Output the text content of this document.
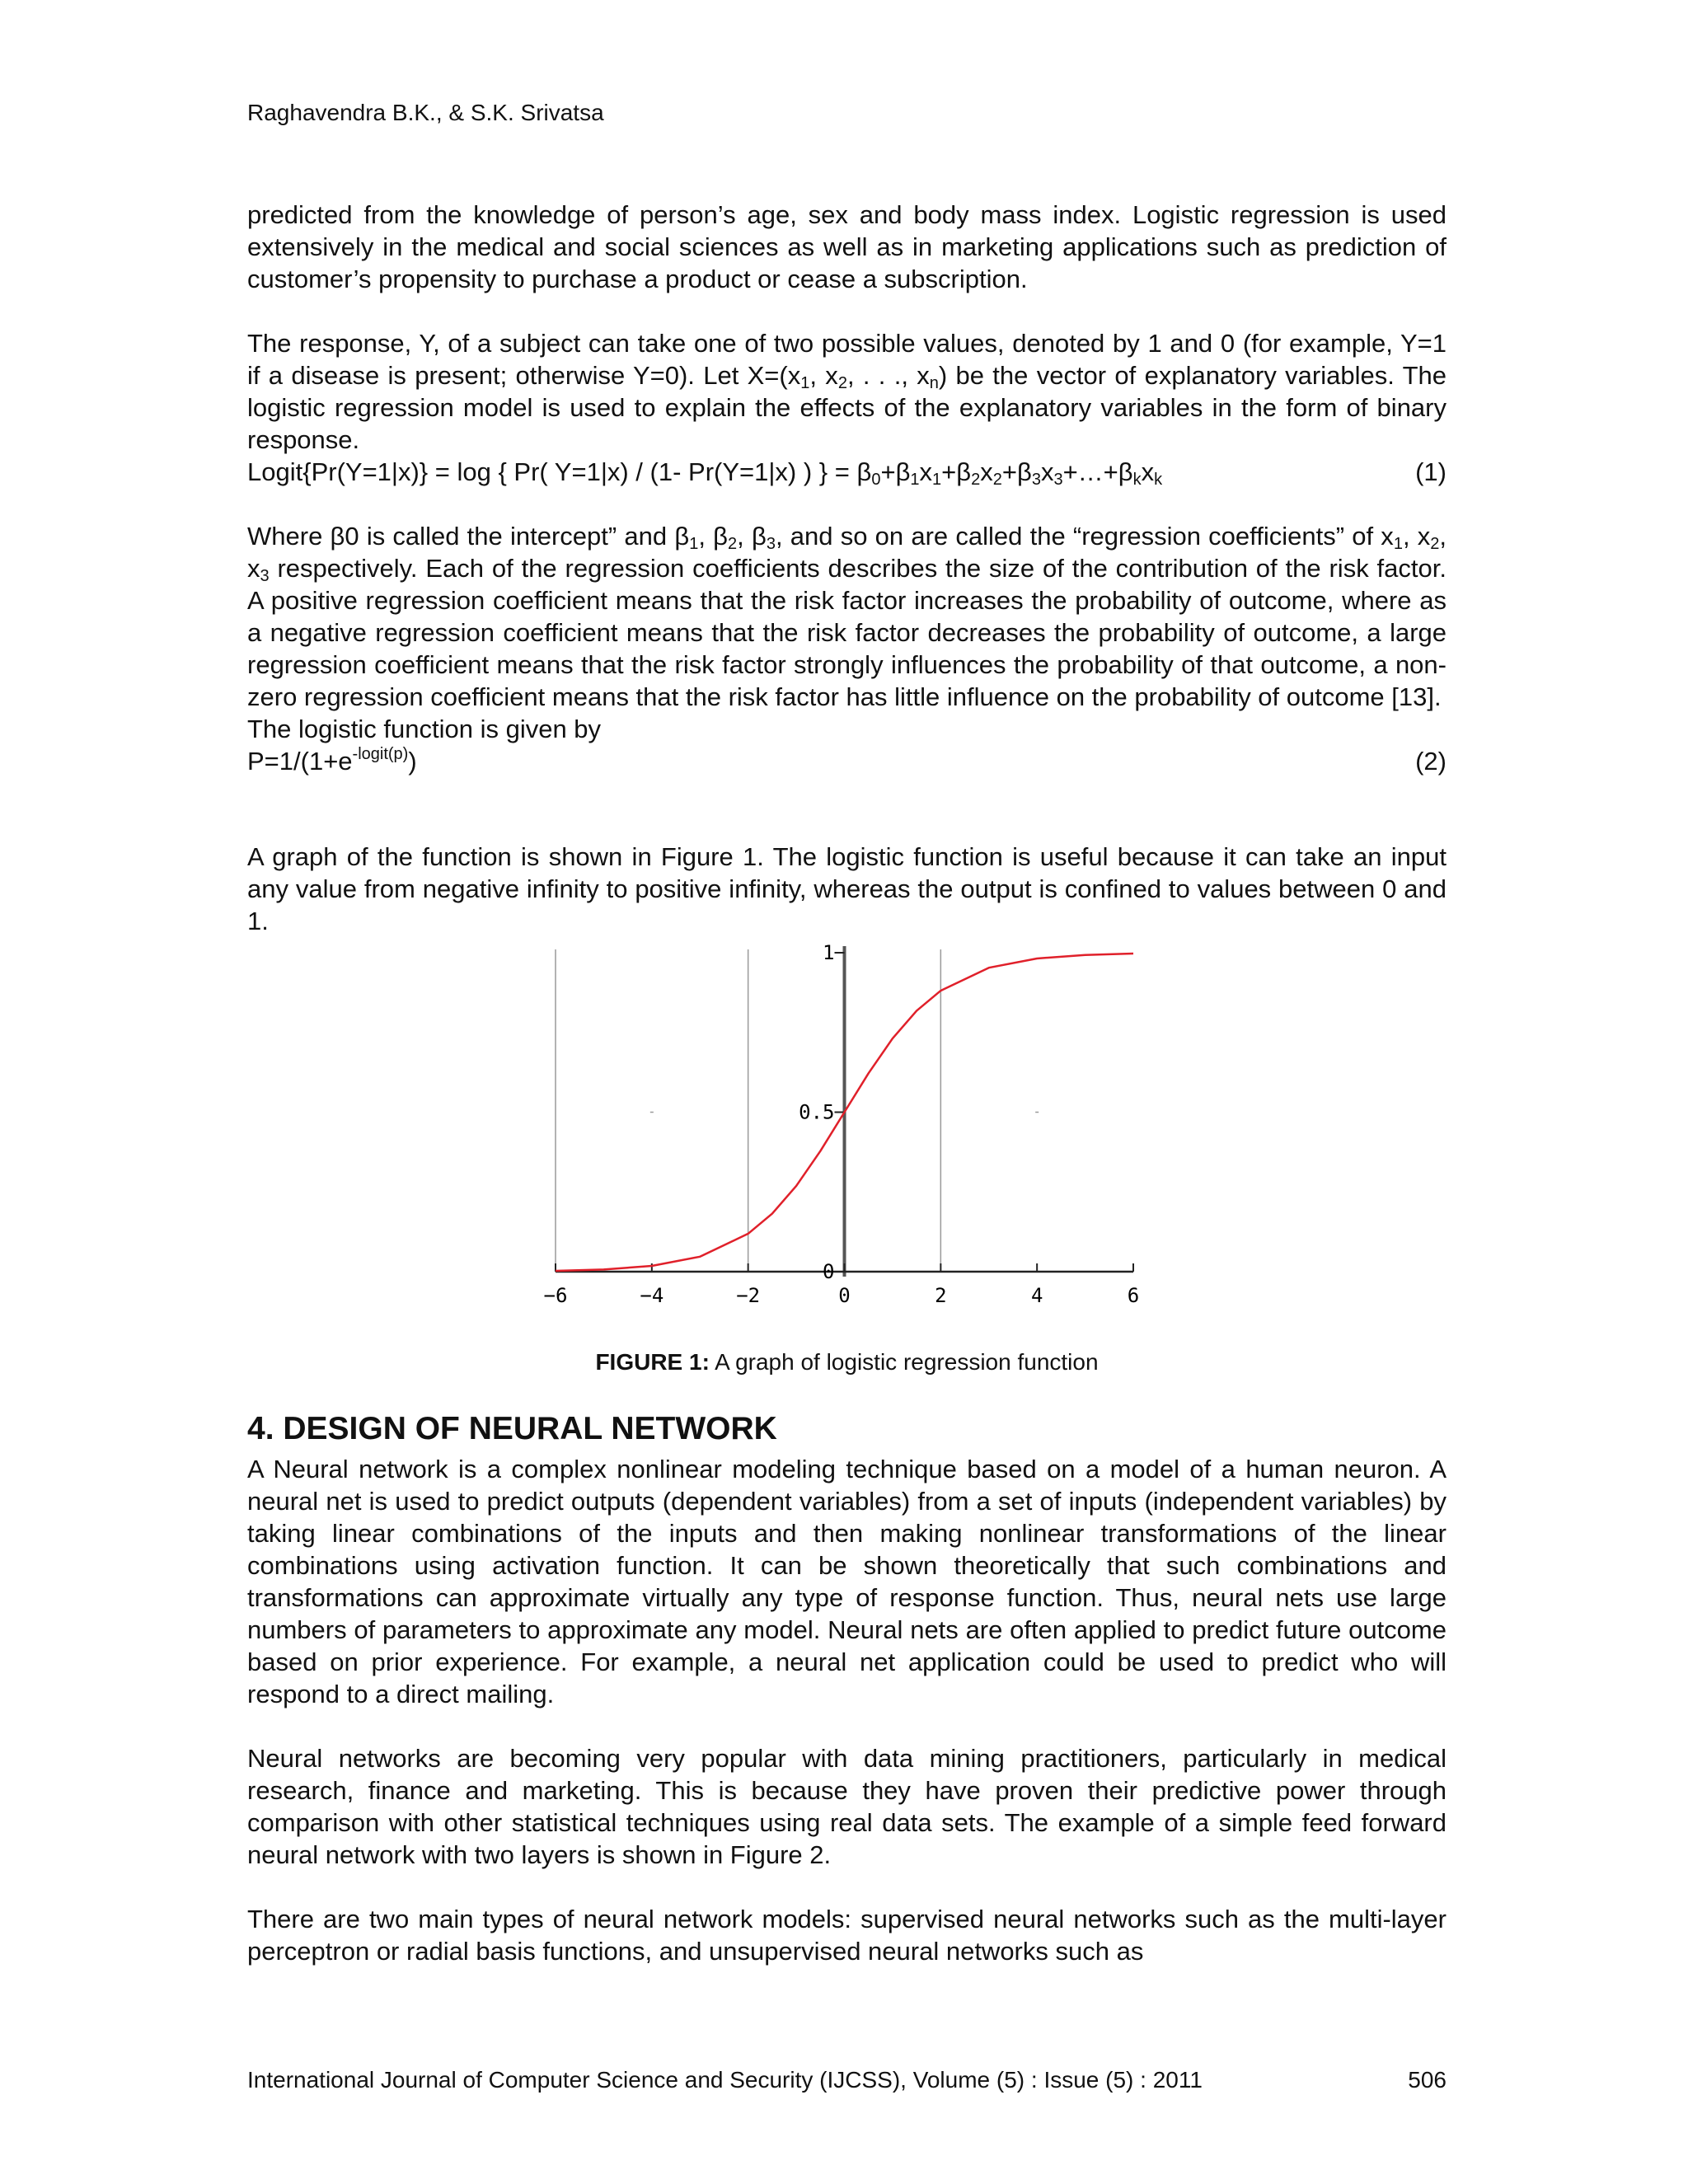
Raghavendra B.K., & S.K. Srivatsa

predicted from the knowledge of person’s age, sex and body mass index. Logistic regression is used extensively in the medical and social sciences as well as in marketing applications such as prediction of customer’s propensity to purchase a product or cease a subscription.

The response, Y, of a subject can take one of two possible values, denoted by 1 and 0 (for example, Y=1 if a disease is present; otherwise Y=0). Let $X=(x_1$, $x_2$, . . ., $x_n$) be the vector of explanatory variables. The logistic regression model is used to explain the effects of the explanatory variables in the form of binary response.

Logit{Pr(Y=1|x)} = log { Pr( Y=1|x) / (1- Pr(Y=1|x) ) } = $\beta_0+\beta_1x_1+\beta_2x_2+\beta_3x_3+\dots+\beta_kx_k$	(1)

Where β0 is called the intercept” and $\beta_1$, $\beta_2$, $\beta_3$, and so on are called the “regression coefficients” of $x_1$, $x_2$, $x_3$ respectively. Each of the regression coefficients describes the size of the contribution of the risk factor. A positive regression coefficient means that the risk factor increases the probability of outcome, where as a negative regression coefficient means that the risk factor decreases the probability of outcome, a large regression coefficient means that the risk factor strongly influences the probability of that outcome, a non-zero regression coefficient means that the risk factor has little influence on the probability of outcome [13].

The logistic function is given by

$P=1/(1+e^{-logit(p)})$	(2)

A graph of the function is shown in Figure 1. The logistic function is useful because it can take an input any value from negative infinity to positive infinity, whereas the output is confined to values between 0 and 1.

−6	−4	−2	0	2	4	6
0
0.5
1
FIGURE 1: A graph of logistic regression function
4. DESIGN OF NEURAL NETWORK

A Neural network is a complex nonlinear modeling technique based on a model of a human neuron. A neural net is used to predict outputs (dependent variables) from a set of inputs (independent variables) by taking linear combinations of the inputs and then making nonlinear transformations of the linear combinations using activation function. It can be shown theoretically that such combinations and transformations can approximate virtually any type of response function. Thus, neural nets use large numbers of parameters to approximate any model. Neural nets are often applied to predict future outcome based on prior experience. For example, a neural net application could be used to predict who will respond to a direct mailing.

Neural networks are becoming very popular with data mining practitioners, particularly in medical research, finance and marketing. This is because they have proven their predictive power through comparison with other statistical techniques using real data sets. The example of a simple feed forward neural network with two layers is shown in Figure 2.

There are two main types of neural network models: supervised neural networks such as the multi-layer perceptron or radial basis functions, and unsupervised neural networks such as

International Journal of Computer Science and Security (IJCSS), Volume (5) : Issue (5) : 2011	506
